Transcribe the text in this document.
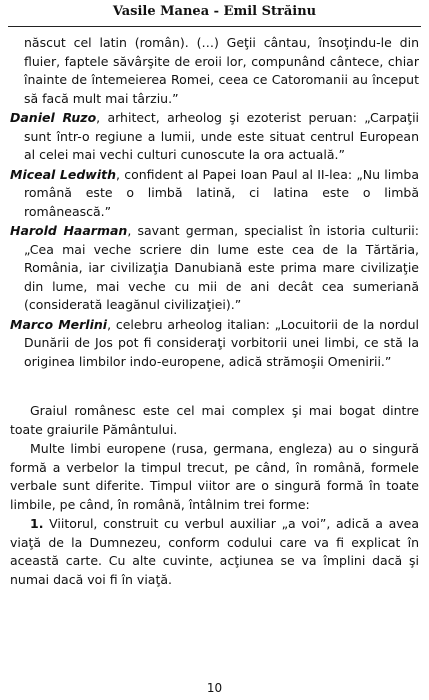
Vasile Manea - Emil Străinu

născut cel latin (român). (…) Geţii cântau, însoţindu-le din fluier, faptele săvârşite de eroii lor, compunând cântece, chiar înainte de întemeierea Romei, ceea ce Catoromanii au început să facă mult mai târziu.”

Daniel Ruzo, arhitect, arheolog şi ezoterist peruan: „Carpaţii sunt într-o regiune a lumii, unde este situat centrul European al celei mai vechi culturi cunoscute la ora actuală.”

Miceal Ledwith, confident al Papei Ioan Paul al II-lea: „Nu limba română este o limbă latină, ci latina este o limbă românească.”

Harold Haarman, savant german, specialist în istoria culturii: „Cea mai veche scriere din lume este cea de la Tărtăria, România, iar civilizaţia Danubiană este prima mare civilizaţie din lume, mai veche cu mii de ani decât cea sumeriană (considerată leagănul civilizaţiei).”

Marco Merlini, celebru arheolog italian: „Locuitorii de la nordul Dunării de Jos pot fi consideraţi vorbitorii unei limbi, ce stă la originea limbilor indo-europene, adică strămoşii Omenirii.”

Graiul românesc este cel mai complex şi mai bogat dintre toate graiurile Pământului.

Multe limbi europene (rusa, germana, engleza) au o singură formă a verbelor la timpul trecut, pe când, în română, formele verbale sunt diferite. Timpul viitor are o singură formă în toate limbile, pe când, în română, întâlnim trei forme:

1. Viitorul, construit cu verbul auxiliar „a voi”, adică a avea viaţă de la Dumnezeu, conform codului care va fi explicat în această carte. Cu alte cuvinte, acţiunea se va împlini dacă şi numai dacă voi fi în viaţă.

10
